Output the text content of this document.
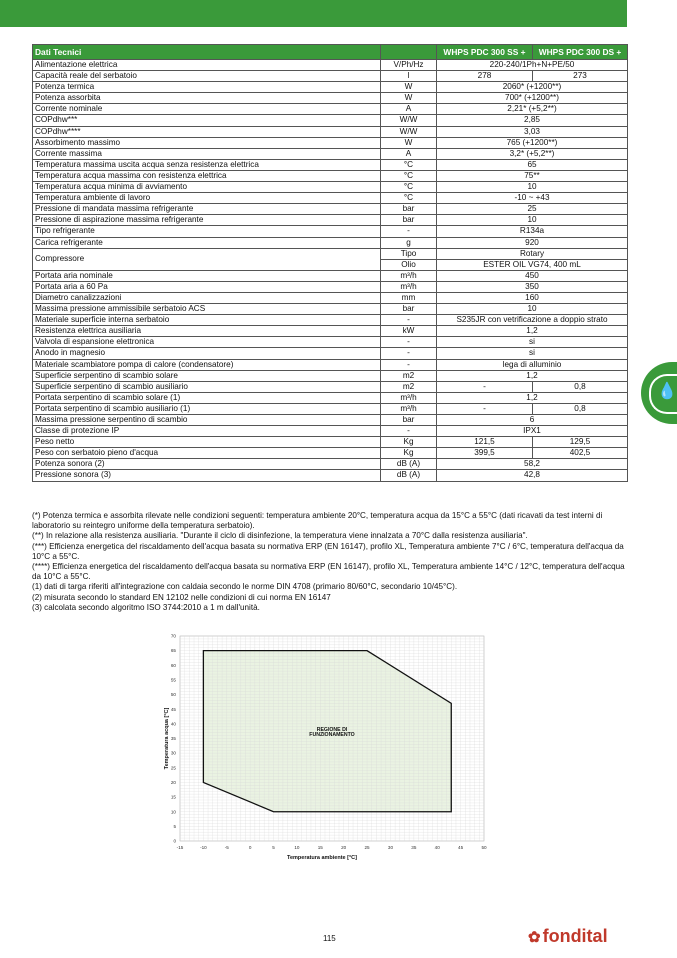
💧
Dati Tecnici		WHPS PDC 300 SS +	WHPS PDC 300 DS +
Alimentazione elettrica	V/Ph/Hz	220-240/1Ph+N+PE/50	
Capacità reale del serbatoio	l	278	273
Potenza termica	W	2060* (+1200**)	
Potenza assorbita	W	700* (+1200**)	
Corrente nominale	A	2,21* (+5,2**)	
COPdhw***	W/W	2,85	
COPdhw****	W/W	3,03	
Assorbimento massimo	W	765 (+1200**)	
Corrente massima	A	3,2* (+5,2**)	
Temperatura massima uscita acqua senza resistenza elettrica	°C	65	
Temperatura acqua massima con resistenza elettrica	°C	75**	
Temperatura acqua minima di avviamento	°C	10	
Temperatura ambiente di lavoro	°C	-10 ~ +43	
Pressione di mandata massima refrigerante	bar	25	
Pressione di aspirazione massima refrigerante	bar	10	
Tipo refrigerante	-	R134a	
Carica refrigerante	g	920	
Compressore	Tipo	Rotary	
	Olio	ESTER OIL VG74, 400 mL	
Portata aria nominale	m³/h	450	
Portata aria a 60 Pa	m³/h	350	
Diametro canalizzazioni	mm	160	
Massima pressione ammissibile serbatoio ACS	bar	10	
Materiale superficie interna serbatoio	-	S235JR con vetrificazione a doppio strato	
Resistenza elettrica ausiliaria	kW	1,2	
Valvola di espansione elettronica	-	si	
Anodo in magnesio	-	si	
Materiale scambiatore pompa di calore (condensatore)	-	lega di alluminio	
Superficie serpentino di scambio solare	m2	1,2	
Superficie serpentino di scambio ausiliario	m2	-	0,8
Portata serpentino di scambio solare (1)	m³/h	1,2	
Portata serpentino di scambio ausiliario (1)	m³/h	-	0,8
Massima pressione serpentino di scambio	bar	6	
Classe di protezione IP	-	IPX1	
Peso netto	Kg	121,5	129,5
Peso con serbatoio pieno d'acqua	Kg	399,5	402,5
Potenza sonora (2)	dB (A)	58,2	
Pressione sonora (3)	dB (A)	42,8	

(*) Potenza termica e assorbita rilevate nelle condizioni seguenti: temperatura ambiente 20°C, temperatura acqua da 15°C a 55°C (dati ricavati da test interni di laboratorio su reintegro uniforme della temperatura serbatoio).

(**) In relazione alla resistenza ausiliaria. "Durante il ciclo di disinfezione, la temperatura viene innalzata a 70°C dalla resistenza ausiliaria".

(***) Efficienza energetica del riscaldamento dell'acqua basata su normativa ERP (EN 16147), profilo XL, Temperatura ambiente 7°C / 6°C, temperatura dell'acqua da 10°C a 55°C.

(****) Efficienza energetica del riscaldamento dell'acqua basata su normativa ERP (EN 16147), profilo XL, Temperatura ambiente 14°C / 12°C, temperatura dell'acqua da 10°C a 55°C.

(1) dati di targa riferiti all'integrazione con caldaia secondo le norme DIN 4708 (primario 80/60°C, secondario 10/45°C).

(2) misurata secondo lo standard EN 12102 nelle condizioni di cui norma EN 16147

(3) calcolata secondo algoritmo ISO 3744:2010 a 1 m dall'unità.

-15	-10	-5	0	5	10	15	20	25	30	35	40	45	50
0
5
10
15
20
25
30
35
40
45
50
55
60
65
70
Temperatura ambiente [°C]
Temperatura acqua [°C]	REGIONE DI
FUNZIONAMENTO
115	✿ fondital
